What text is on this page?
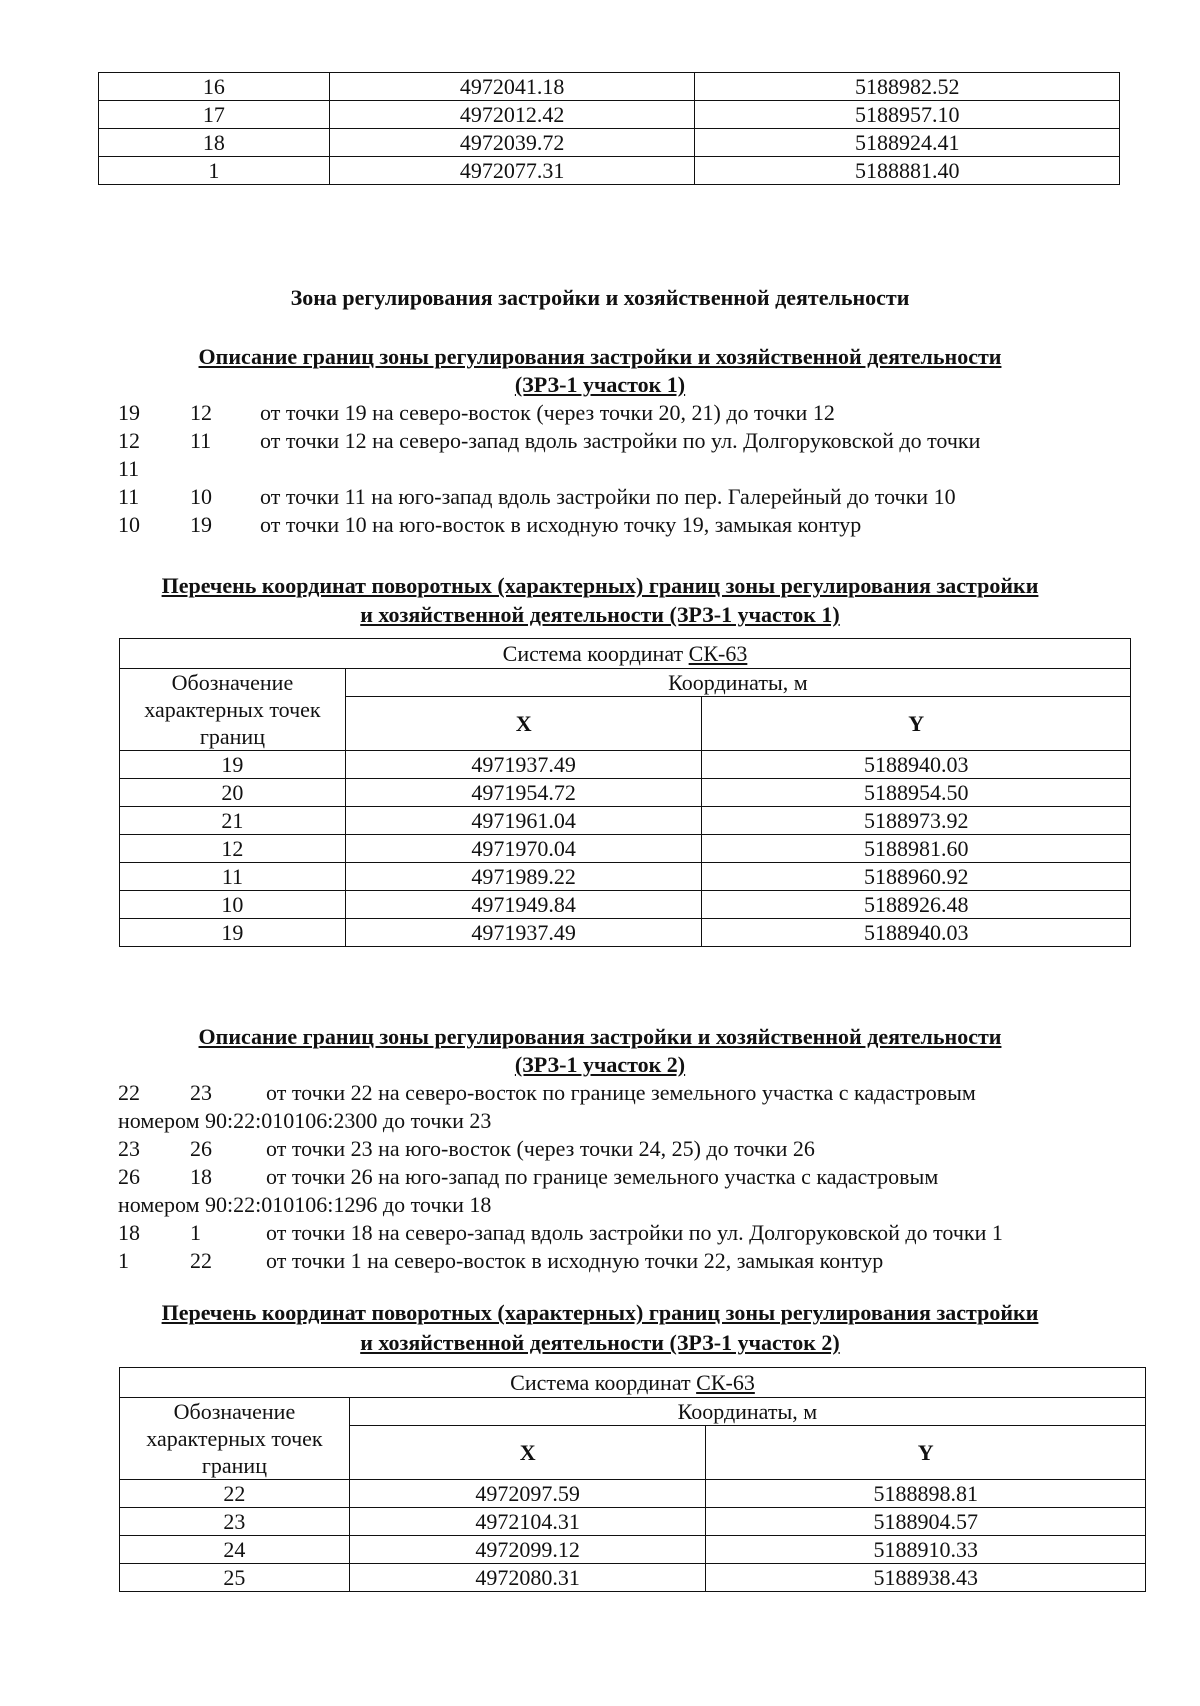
16	4972041.18	5188982.52
17	4972012.42	5188957.10
18	4972039.72	5188924.41
1	4972077.31	5188881.40
Зона регулирования застройки и хозяйственной деятельности
Описание границ зоны регулирования застройки и хозяйственной деятельности
(ЗРЗ-1 участок 1)
19 12 от точки 19 на северо-восток (через точки 20, 21) до точки 12
12 11 от точки 12 на северо-запад вдоль застройки по ул. Долгоруковской до точки
11
11 10 от точки 11 на юго-запад вдоль застройки по пер. Галерейный до точки 10
10 19 от точки 10 на юго-восток в исходную точку 19, замыкая контур
Перечень координат поворотных (характерных) границ зоны регулирования застройки
и хозяйственной деятельности (ЗРЗ-1 участок 1)
Система координат СК-63		
Обозначение характерных точек границ	Координаты, м	
	X	Y
19	4971937.49	5188940.03
20	4971954.72	5188954.50
21	4971961.04	5188973.92
12	4971970.04	5188981.60
11	4971989.22	5188960.92
10	4971949.84	5188926.48
19	4971937.49	5188940.03
Описание границ зоны регулирования застройки и хозяйственной деятельности
(ЗРЗ-1 участок 2)
22 23 от точки 22 на северо-восток по границе земельного участка с кадастровым
номером 90:22:010106:2300 до точки 23
23 26 от точки 23 на юго-восток (через точки 24, 25) до точки 26
26 18 от точки 26 на юго-запад по границе земельного участка с кадастровым
номером 90:22:010106:1296 до точки 18
18 1	от точки 18 на северо-запад вдоль застройки по ул. Долгоруковской до точки 1
1	22 от точки 1 на северо-восток в исходную точки 22, замыкая контур
Перечень координат поворотных (характерных) границ зоны регулирования застройки
и хозяйственной деятельности (ЗРЗ-1 участок 2)
Система координат СК-63		
Обозначение характерных точек границ	Координаты, м	
	X	Y
22	4972097.59	5188898.81
23	4972104.31	5188904.57
24	4972099.12	5188910.33
25	4972080.31	5188938.43
